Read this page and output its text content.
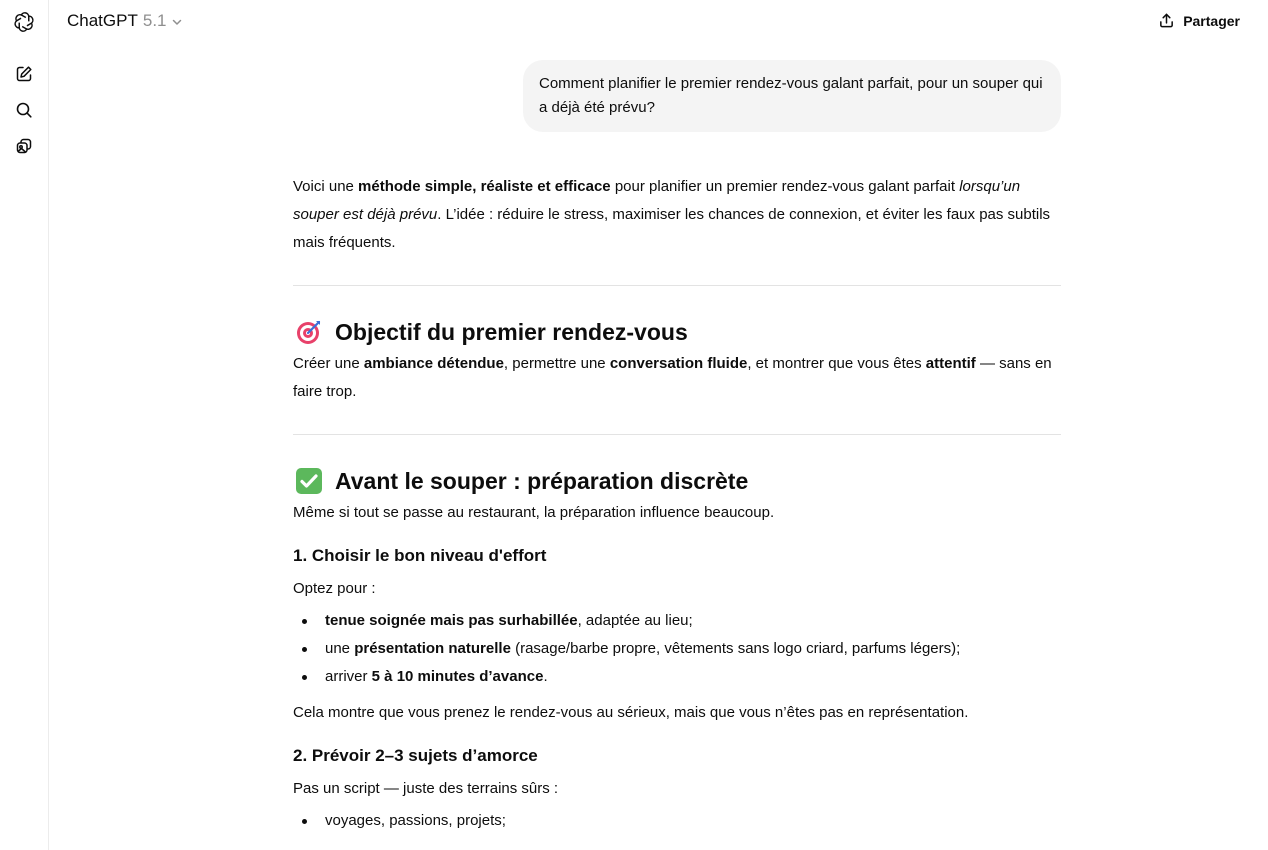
ChatGPT 5.1	Partager
Comment planifier le premier rendez-vous galant parfait, pour un souper qui a déjà été prévu?

Voici une méthode simple, réaliste et efficace pour planifier un premier rendez-vous galant parfait lorsqu’un souper est déjà prévu. L’idée : réduire le stress, maximiser les chances de connexion, et éviter les faux pas subtils mais fréquents.

Objectif du premier rendez-vous

Créer une ambiance détendue, permettre une conversation fluide, et montrer que vous êtes attentif — sans en faire trop.

Avant le souper : préparation discrète

Même si tout se passe au restaurant, la préparation influence beaucoup.

1. Choisir le bon niveau d'effort

Optez pour :

tenue soignée mais pas surhabillée, adaptée au lieu;
une présentation naturelle (rasage/barbe propre, vêtements sans logo criard, parfums légers);
arriver 5 à 10 minutes d’avance.

Cela montre que vous prenez le rendez-vous au sérieux, mais que vous n’êtes pas en représentation.

2. Prévoir 2–3 sujets d’amorce

Pas un script — juste des terrains sûrs :

voyages, passions, projets;
